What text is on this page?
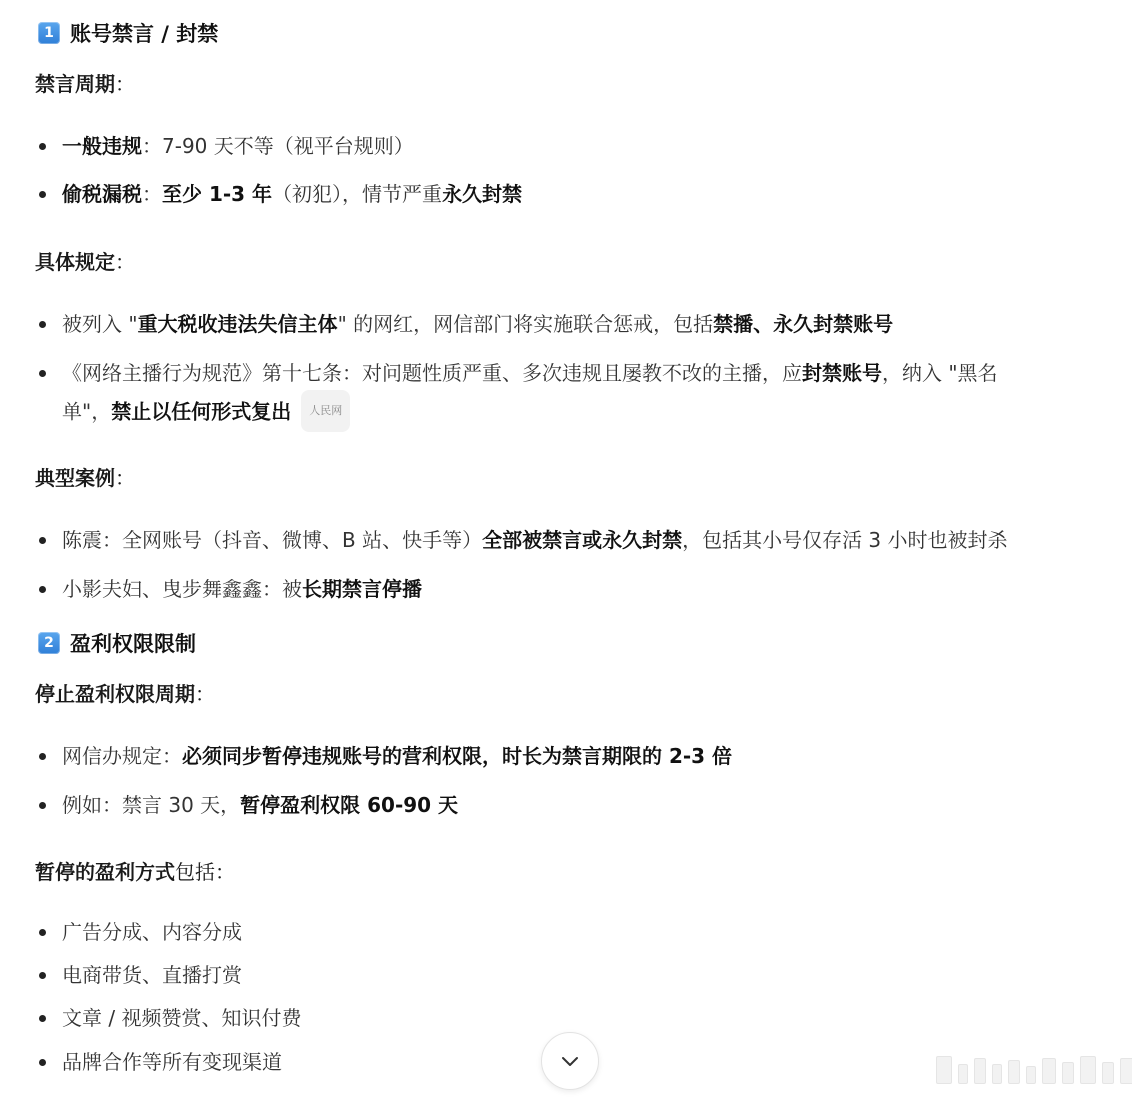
1 账号禁言 / 封禁
禁言周期：
一般违规：7-90 天不等（视平台规则）
偷税漏税：至少 1-3 年（初犯），情节严重永久封禁
具体规定：
被列入 "重大税收违法失信主体" 的网红，网信部门将实施联合惩戒，包括禁播、永久封禁账号
《网络主播行为规范》第十七条：对问题性质严重、多次违规且屡教不改的主播，应封禁账号，纳入 "黑名
单"，禁止以任何形式复出 人民网
典型案例：
陈震：全网账号（抖音、微博、B 站、快手等）全部被禁言或永久封禁，包括其小号仅存活 3 小时也被封杀
小影夫妇、曳步舞鑫鑫：被长期禁言停播
2 盈利权限限制
停止盈利权限周期：
网信办规定：必须同步暂停违规账号的营利权限，时长为禁言期限的 2-3 倍
例如：禁言 30 天，暂停盈利权限 60-90 天
暂停的盈利方式包括：
广告分成、内容分成
电商带货、直播打赏
文章 / 视频赞赏、知识付费
品牌合作等所有变现渠道
